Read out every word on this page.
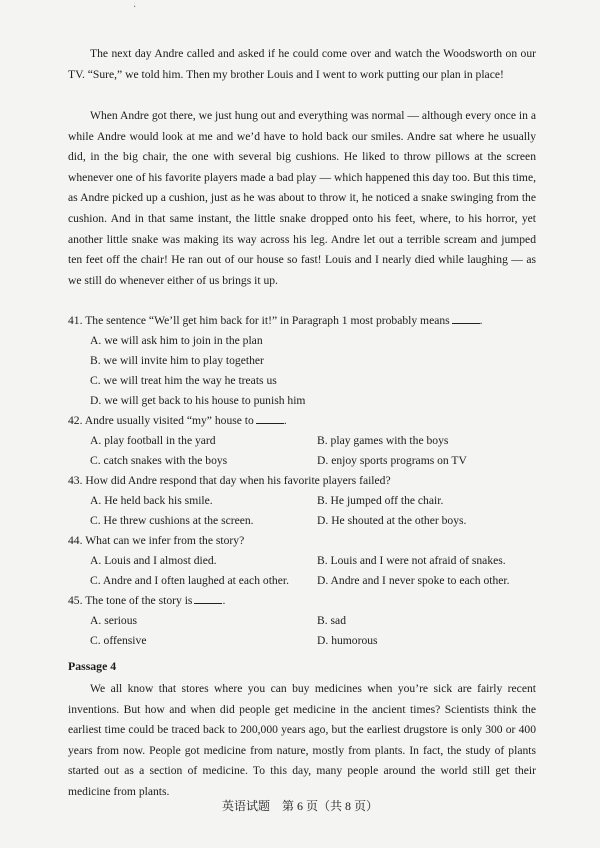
·

The next day Andre called and asked if he could come over and watch the Woodsworth on our TV. “Sure,” we told him. Then my brother Louis and I went to work putting our plan in place!

When Andre got there, we just hung out and everything was normal — although every once in a while Andre would look at me and we’d have to hold back our smiles. Andre sat where he usually did, in the big chair, the one with several big cushions. He liked to throw pillows at the screen whenever one of his favorite players made a bad play — which happened this day too. But this time, as Andre picked up a cushion, just as he was about to throw it, he noticed a snake swinging from the cushion. And in that same instant, the little snake dropped onto his feet, where, to his horror, yet another little snake was making its way across his leg. Andre let out a terrible scream and jumped ten feet off the chair! He ran out of our house so fast! Louis and I nearly died while laughing — as we still do whenever either of us brings it up.

41. The sentence “We’ll get him back for it!” in Paragraph 1 most probably means	.

A. we will ask him to join in the plan

B. we will invite him to play together

C. we will treat him the way he treats us

D. we will get back to his house to punish him

42. Andre usually visited “my” house to	.

A. play football in the yard	B. play games with the boys

C. catch snakes with the boys	D. enjoy sports programs on TV

43. How did Andre respond that day when his favorite players failed?

A. He held back his smile.	B. He jumped off the chair.

C. He threw cushions at the screen.	D. He shouted at the other boys.

44. What can we infer from the story?

A. Louis and I almost died.	B. Louis and I were not afraid of snakes.

C. Andre and I often laughed at each other. D. Andre and I never spoke to each other.

45. The tone of the story is	.

A. serious	B. sad

C. offensive	D. humorous

Passage 4

We all know that stores where you can buy medicines when you’re sick are fairly recent inventions. But how and when did people get medicine in the ancient times? Scientists think the earliest time could be traced back to 200,000 years ago, but the earliest drugstore is only 300 or 400 years from now. People got medicine from nature, mostly from plants. In fact, the study of plants started out as a section of medicine. To this day, many people around the world still get their medicine from plants.

英语试题　第 6 页（共 8 页）
